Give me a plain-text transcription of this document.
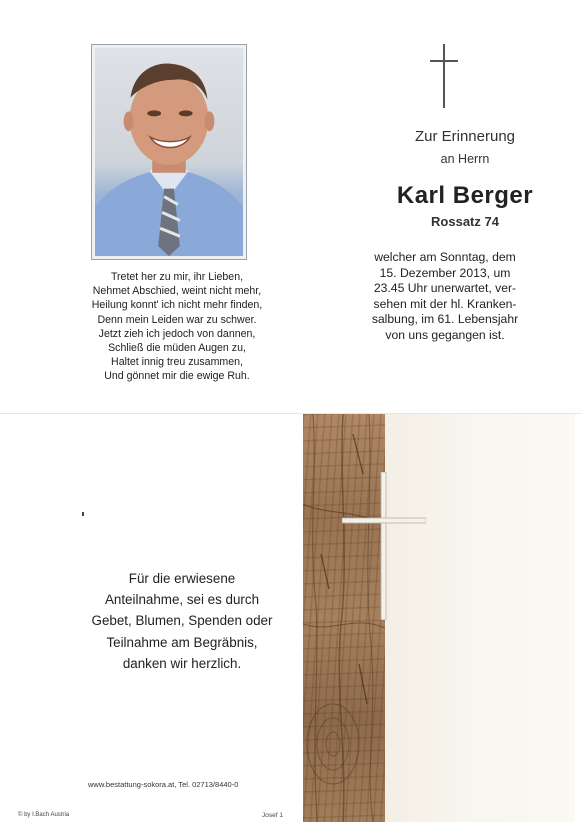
Tretet her zu mir, ihr Lieben,
Nehmet Abschied, weint nicht mehr,
Heilung konnt' ich nicht mehr finden,
Denn mein Leiden war zu schwer.
Jetzt zieh ich jedoch von dannen,
Schließ die müden Augen zu,
Haltet innig treu zusammen,
Und gönnet mir die ewige Ruh.
Zur Erinnerung
an Herrn
Karl Berger
Rossatz 74
welcher am Sonntag, dem
15. Dezember 2013, um
23.45 Uhr unerwartet, ver-
sehen mit der hl. Kranken-
salbung, im 61. Lebensjahr
von uns gegangen ist.
Für die erwiesene
Anteilnahme, sei es durch
Gebet, Blumen, Spenden oder
Teilnahme am Begräbnis,
danken wir herzlich.
www.bestattung-sokora.at, Tel. 02713/8440-0
© by I.Bach Austria	Josef 1
